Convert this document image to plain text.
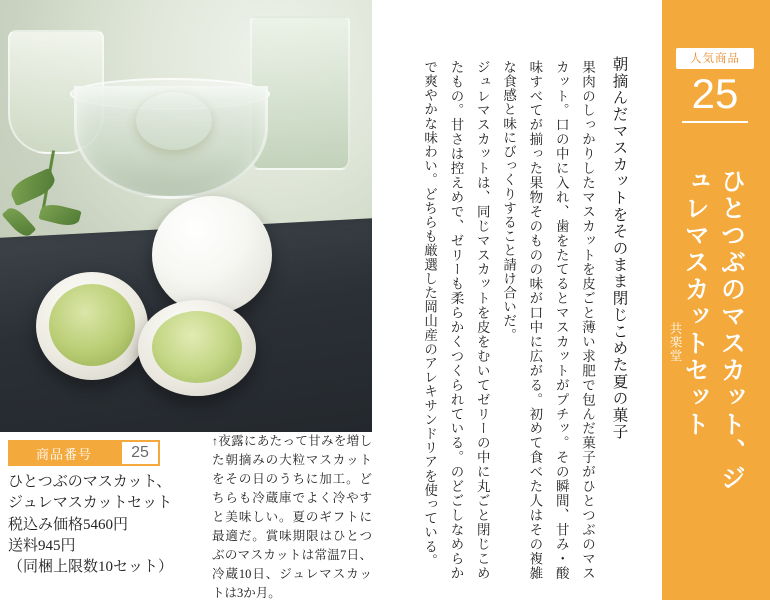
商品番号	25
ひとつぶのマスカット、
ジュレマスカットセット
税込み価格5460円
送料945円
（同梱上限数10セット）
↑夜露にあたって甘みを増した朝摘みの大粒マスカットをその日のうちに加工。どちらも冷蔵庫でよく冷やすと美味しい。夏のギフトに最適だ。賞味期限はひとつぶのマスカットは常温7日、冷蔵10日、ジュレマスカットは3か月。

果肉のしっかりしたマスカットを皮ごと薄い求肥で包んだ菓子がひとつぶのマスカット。口の中に入れ、歯をたてるとマスカットがプチッ。その瞬間、甘み・酸味すべてが揃った果物そのものの味が口中に広がる。初めて食べた人はその複雑な食感と味にびっくりすること請け合いだ。

ジュレマスカットは、同じマスカットを皮をむいてゼリーの中に丸ごと閉じこめたもの。甘さは控えめで、ゼリーも柔らかくつくられている。のどごしなめらかで爽やかな味わい。どちらも厳選した岡山産のアレキサンドリアを使っている。	朝摘んだマスカットをそのまま閉じこめた夏の菓子	人気商品
25
ひとつぶのマスカット、ジュレマスカットセット
共楽堂
